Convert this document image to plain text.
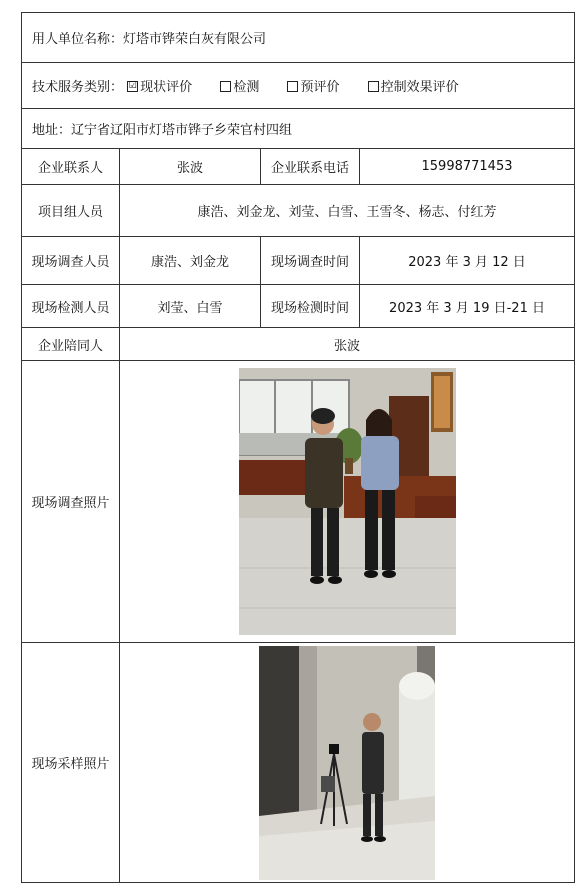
用人单位名称：灯塔市铧荣白灰有限公司			
技术服务类别： ☑ 现状评价 检测 预评价 控制效果评价			
地址：辽宁省辽阳市灯塔市铧子乡荣官村四组			
企业联系人	张波	企业联系电话	15998771453
项目组人员	康浩、刘金龙、刘莹、白雪、王雪冬、杨志、付红芳		
现场调查人员	康浩、刘金龙	现场调查时间	2023 年 3 月 12 日
现场检测人员	刘莹、白雪	现场检测时间	2023 年 3 月 19 日-21 日
企业陪同人	张波		
现场调查照片	

现场采样照片	
